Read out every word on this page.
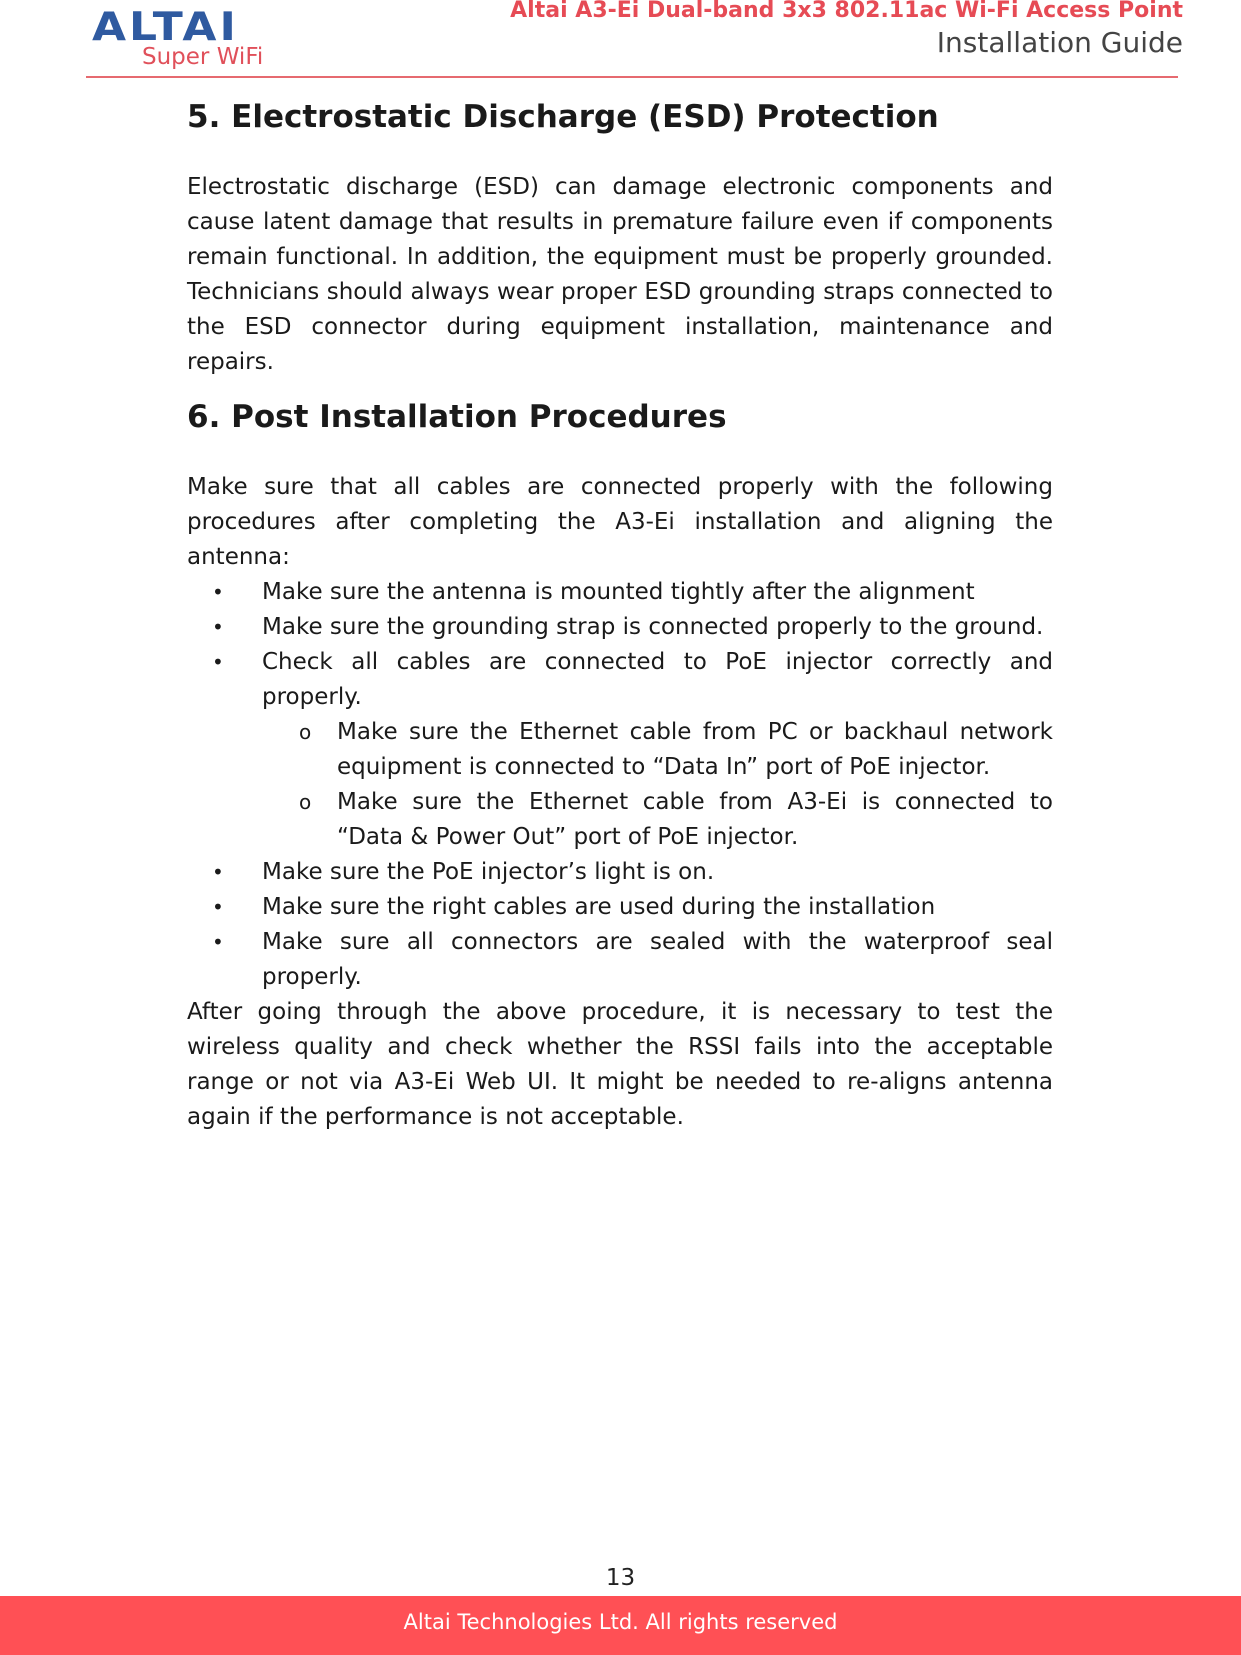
ALTAI
Super WiFi
Altai A3-Ei Dual-band 3x3 802.11ac Wi-Fi Access Point
Installation Guide
5. Electrostatic Discharge (ESD) Protection

Electrostatic discharge (ESD) can damage electronic components and cause latent damage that results in premature failure even if components remain functional. In addition, the equipment must be properly grounded. Technicians should always wear proper ESD grounding straps connected to the ESD connector during equipment installation, maintenance and repairs.

6. Post Installation Procedures

Make sure that all cables are connected properly with the following procedures after completing the A3-Ei installation and aligning the antenna:

• Make sure the antenna is mounted tightly after the alignment
• Make sure the grounding strap is connected properly to the ground.
• Check all cables are connected to PoE injector correctly and properly.
o Make sure the Ethernet cable from PC or backhaul network equipment is connected to “Data In” port of PoE injector.
o Make sure the Ethernet cable from A3-Ei is connected to “Data & Power Out” port of PoE injector.
• Make sure the PoE injector’s light is on.
• Make sure the right cables are used during the installation
• Make sure all connectors are sealed with the waterproof seal properly.

After going through the above procedure, it is necessary to test the wireless quality and check whether the RSSI fails into the acceptable range or not via A3-Ei Web UI. It might be needed to re-aligns antenna again if the performance is not acceptable.

13
Altai Technologies Ltd. All rights reserved
